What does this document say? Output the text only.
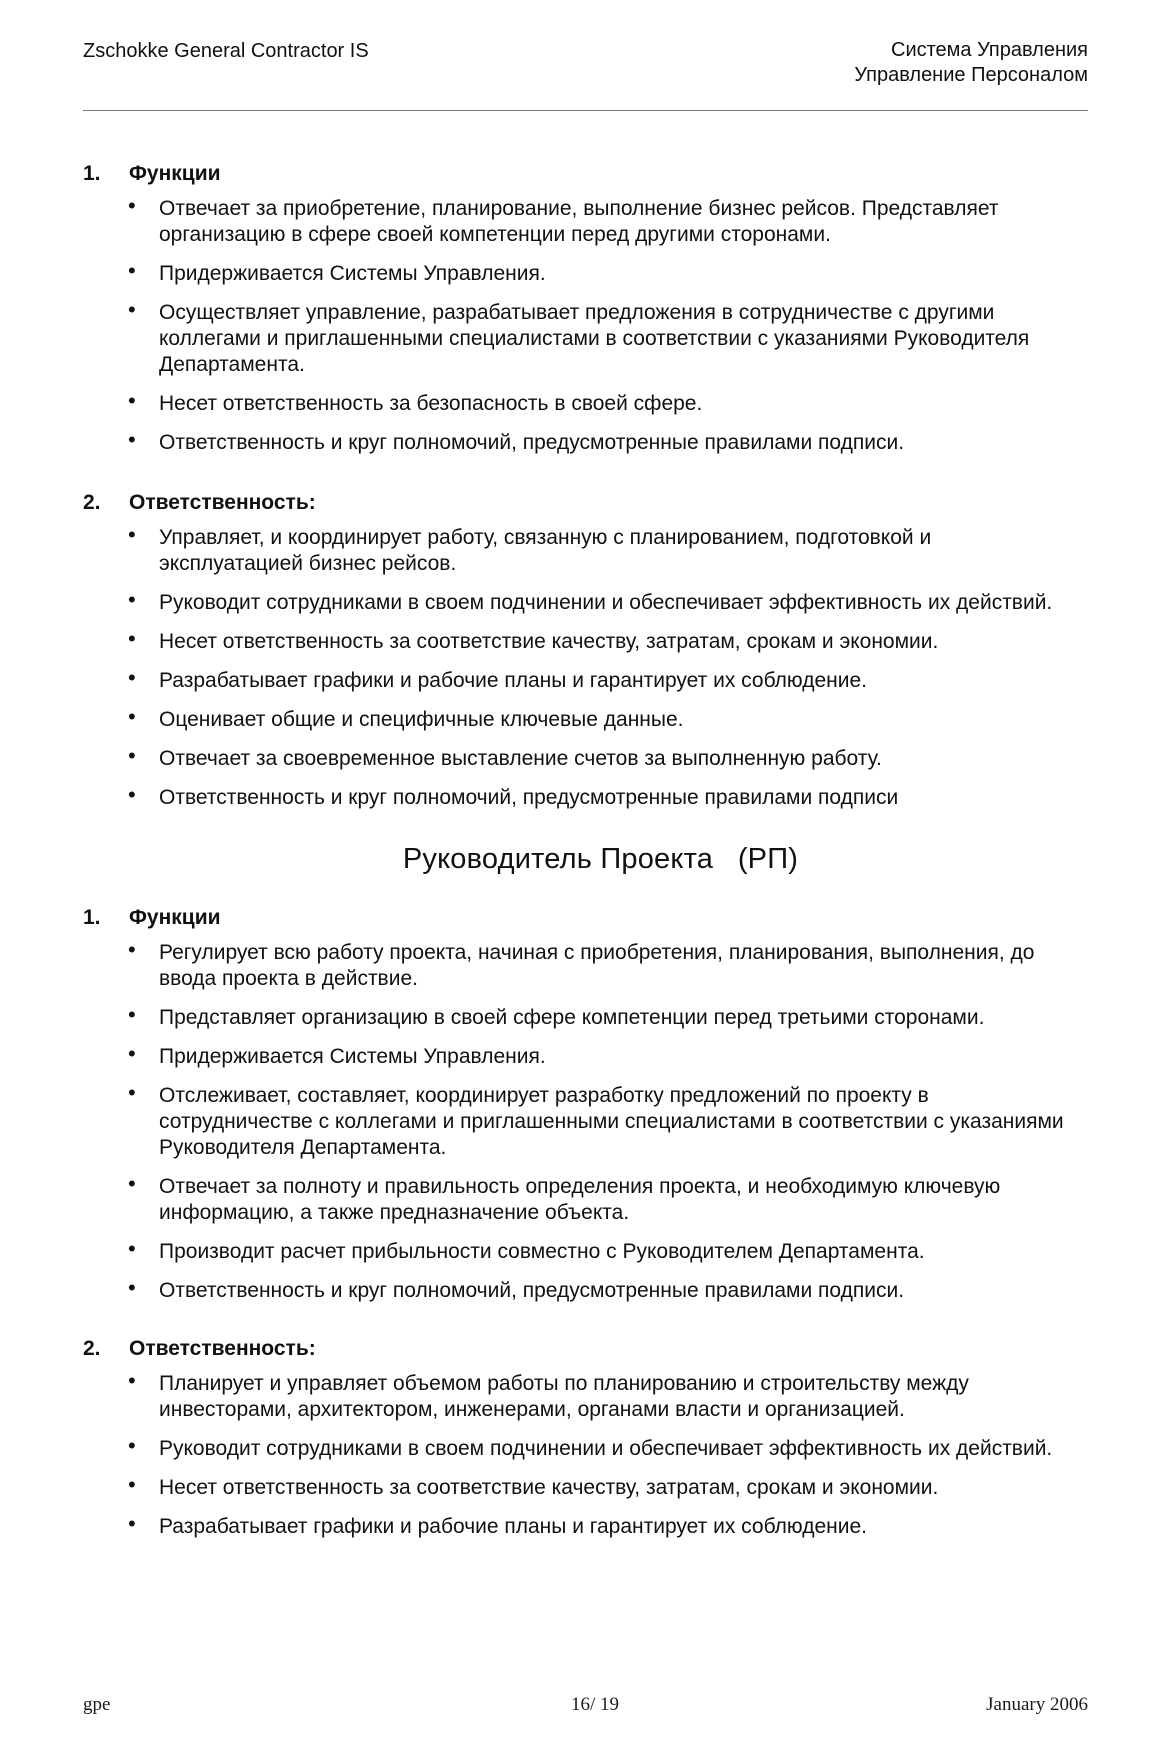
Zschokke General Contractor IS	Система Управления
Управление Персоналом
1.	Функции
•	Отвечает за приобретение, планирование, выполнение бизнес рейсов. Представляет организацию в сфере своей компетенции перед другими сторонами.
•	Придерживается Системы Управления.
•	Осуществляет управление, разрабатывает предложения в сотрудничестве с другими коллегами и приглашенными специалистами в соответствии с указаниями Руководителя Департамента.
•	Несет ответственность за безопасность в своей сфере.
•	Ответственность и круг полномочий, предусмотренные правилами подписи.
2.	Ответственность:
•	Управляет, и координирует работу, связанную с планированием, подготовкой и эксплуатацией бизнес рейсов.
•	Руководит сотрудниками в своем подчинении и обеспечивает эффективность их действий.
•	Несет ответственность за соответствие качеству, затратам, срокам и экономии.
•	Разрабатывает графики и рабочие планы и гарантирует их соблюдение.
•	Оценивает общие и специфичные ключевые данные.
•	Отвечает за своевременное выставление счетов за выполненную работу.
•	Ответственность и круг полномочий, предусмотренные правилами подписи
Руководитель Проекта   (РП)
1.	Функции
•	Регулирует всю работу проекта, начиная с приобретения, планирования, выполнения, до ввода проекта в действие.
•	Представляет организацию в своей сфере компетенции перед третьими сторонами.
•	Придерживается Системы Управления.
•	Отслеживает, составляет, координирует разработку предложений по проекту в сотрудничестве с коллегами и приглашенными специалистами в соответствии с указаниями Руководителя Департамента.
•	Отвечает за полноту и правильность определения проекта, и необходимую ключевую информацию, а также предназначение объекта.
•	Производит расчет прибыльности совместно с Руководителем Департамента.
•	Ответственность и круг полномочий, предусмотренные правилами подписи.
2.	Ответственность:
•	Планирует и управляет объемом работы по планированию и строительству между инвесторами, архитектором, инженерами, органами власти и организацией.
•	Руководит сотрудниками в своем подчинении и обеспечивает эффективность их действий.
•	Несет ответственность за соответствие качеству, затратам, срокам и экономии.
•	Разрабатывает графики и рабочие планы и гарантирует их соблюдение.
gpe	16/ 19	January 2006
